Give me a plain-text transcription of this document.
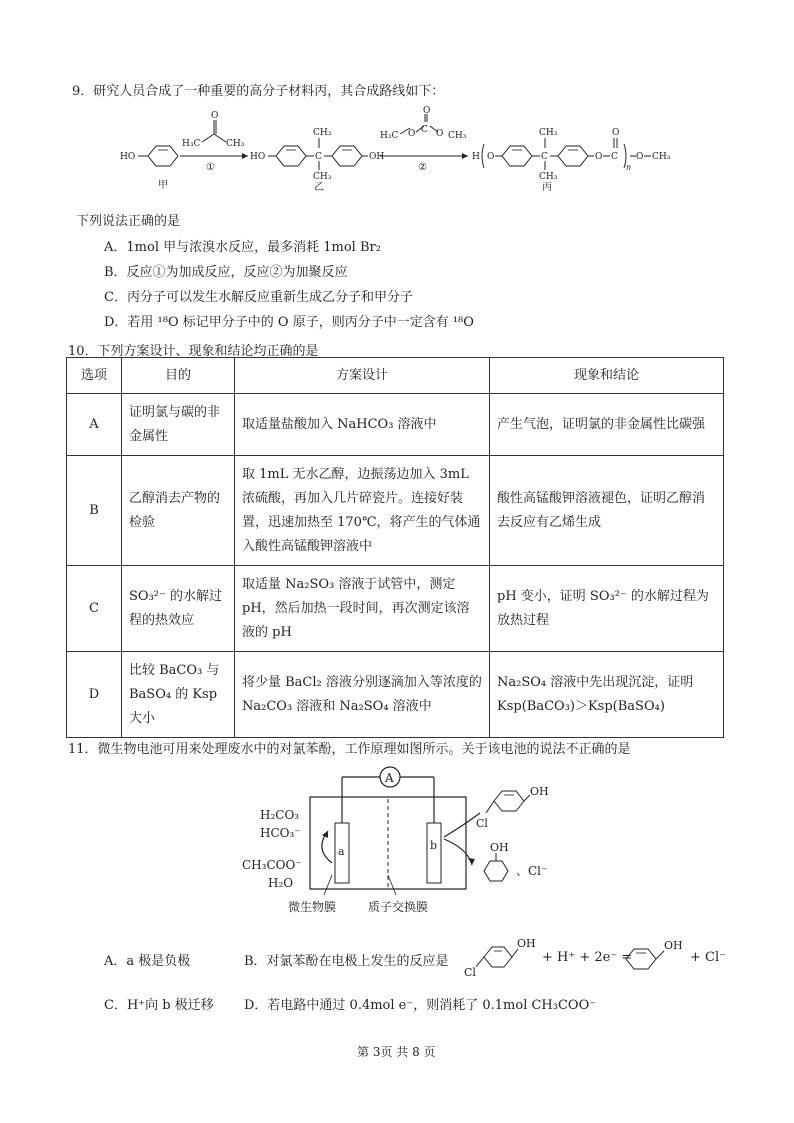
9．研究人员合成了一种重要的高分子材料丙，其合成路线如下：
HO
甲
H₃C
O
CH₃
①
HO	C
CH₃
CH₃
乙
OH
H₃C O C
O
O CH₃
②
H O	C
CH₃
CH₃
丙
O C
O
n
O CH₃
下列说法正确的是
A．1mol 甲与浓溴水反应，最多消耗 1mol Br₂
B．反应①为加成反应，反应②为加聚反应
C．丙分子可以发生水解反应重新生成乙分子和甲分子
D．若用 ¹⁸O 标记甲分子中的 O 原子，则丙分子中一定含有 ¹⁸O
10．下列方案设计、现象和结论均正确的是
选项	目的	方案设计	现象和结论
A	证明氯与碳的非金属性	取适量盐酸加入 NaHCO₃ 溶液中	产生气泡，证明氯的非金属性比碳强
B	乙醇消去产物的检验	取 1mL 无水乙醇，边振荡边加入 3mL 浓硫酸，再加入几片碎瓷片。连接好装置，迅速加热至 170℃，将产生的气体通入酸性高锰酸钾溶液中	酸性高锰酸钾溶液褪色，证明乙醇消去反应有乙烯生成
C	SO₃²⁻ 的水解过程的热效应	取适量 Na₂SO₃ 溶液于试管中，测定 pH，然后加热一段时间，再次测定该溶液的 pH	pH 变小，证明 SO₃²⁻ 的水解过程为放热过程
D	比较 BaCO₃ 与 BaSO₄ 的 Ksp 大小	将少量 BaCl₂ 溶液分别逐滴加入等浓度的 Na₂CO₃ 溶液和 Na₂SO₄ 溶液中	Na₂SO₄ 溶液中先出现沉淀，证明 Ksp(BaCO₃)＞Ksp(BaSO₄)
11．微生物电池可用来处理废水中的对氯苯酚，工作原理如图所示。关于该电池的说法不正确的是
A
a	b
H₂CO₃
HCO₃⁻
CH₃COO⁻
H₂O
微生物膜	质子交换膜
OH
Cl
OH
、Cl⁻
A．a 极是负极	B．对氯苯酚在电极上发生的反应是
OH
Cl
+ H⁺ + 2e⁻ =
OH
+ Cl⁻
C．H⁺向 b 极迁移 D．若电路中通过 0.4mol e⁻，则消耗了 0.1mol CH₃COO⁻
第 3页 共 8 页
